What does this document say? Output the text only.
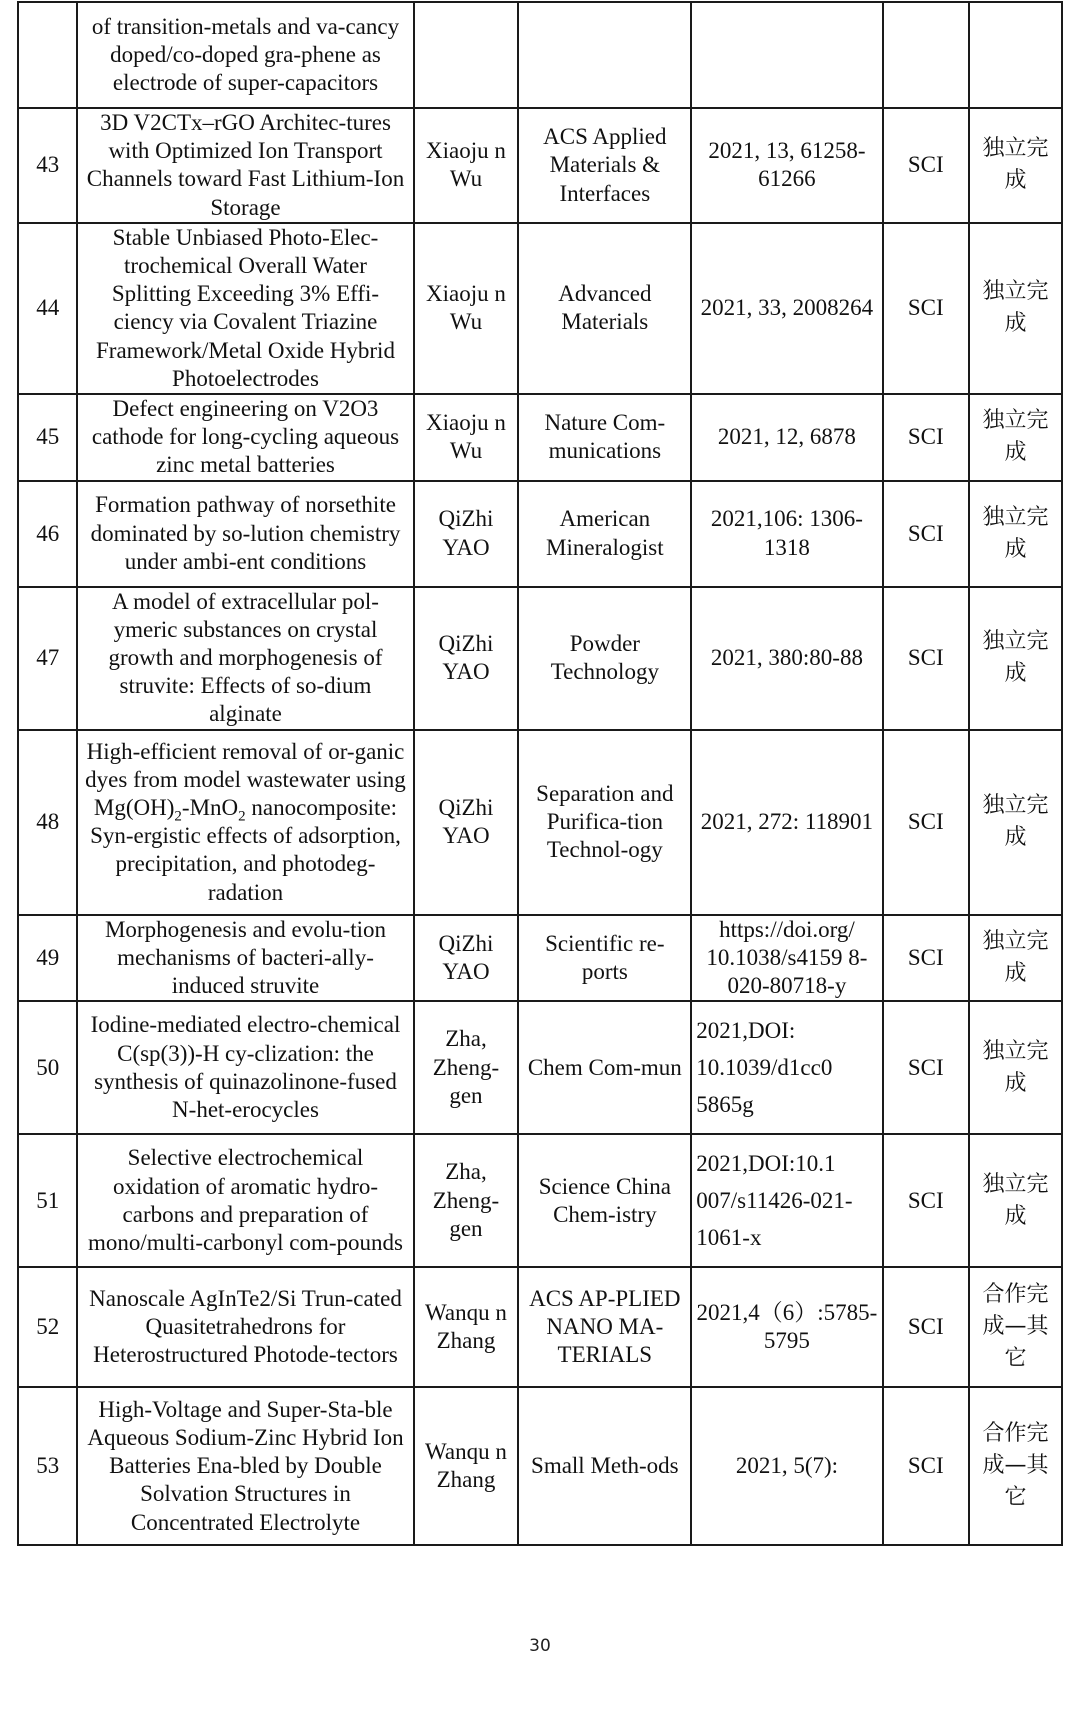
	of transition-metals and va-cancy doped/co-doped gra-phene as electrode of super-capacitors					
43	3D V2CTx–rGO Architec-tures with Optimized Ion Transport Channels toward Fast Lithium-Ion Storage	Xiaoju n Wu	ACS Applied Materials & Interfaces	2021, 13, 61258-61266	SCI	独立完成
44	Stable Unbiased Photo-Elec-trochemical Overall Water Splitting Exceeding 3% Effi-ciency via Covalent Triazine Framework/Metal Oxide Hybrid Photoelectrodes	Xiaoju n Wu	Advanced Materials	2021, 33, 2008264	SCI	独立完成
45	Defect engineering on V2O3 cathode for long-cycling aqueous zinc metal batteries	Xiaoju n Wu	Nature Com-munications	2021, 12, 6878	SCI	独立完成
46	Formation pathway of norsethite dominated by so-lution chemistry under ambi-ent conditions	QiZhi YAO	American Mineralogist	2021,106: 1306-1318	SCI	独立完成
47	A model of extracellular pol-ymeric substances on crystal growth and morphogenesis of struvite: Effects of so-dium alginate	QiZhi YAO	Powder Technology	2021, 380:80-88	SCI	独立完成
48	High-efficient removal of or-ganic dyes from model wastewater using $Mg(OH)_2-MnO_2$ nanocomposite: Syn-ergistic effects of adsorption, precipitation, and photodeg-radation	QiZhi YAO	Separation and Purifica-tion Technol-ogy	2021, 272: 118901	SCI	独立完成
49	Morphogenesis and evolu-tion mechanisms of bacteri-ally-induced struvite	QiZhi YAO	Scientific re-ports	https://doi.org/ 10.1038/s4159 8-020-80718-y	SCI	独立完成
50	Iodine-mediated electro-chemical C(sp(3))-H cy-clization: the synthesis of quinazolinone-fused N-het-erocycles	Zha, Zheng-gen	Chem Com-mun	2021,DOI: 10.1039/d1cc0 5865g	SCI	独立完成
51	Selective electrochemical oxidation of aromatic hydro-carbons and preparation of mono/multi-carbonyl com-pounds	Zha, Zheng-gen	Science China Chem-istry	2021,DOI:10.1 007/s11426-021-1061-x	SCI	独立完成
52	Nanoscale AgInTe2/Si Trun-cated Quasitetrahedrons for Heterostructured Photode-tectors	Wanqu n Zhang	ACS AP-PLIED NANO MA-TERIALS	2021,4（6）:5785-5795	SCI	合作完成—其它
53	High-Voltage and Super-Sta-ble Aqueous Sodium-Zinc Hybrid Ion Batteries Ena-bled by Double Solvation Structures in Concentrated Electrolyte	Wanqu n Zhang	Small Meth-ods	2021, 5(7):	SCI	合作完成—其它
30
